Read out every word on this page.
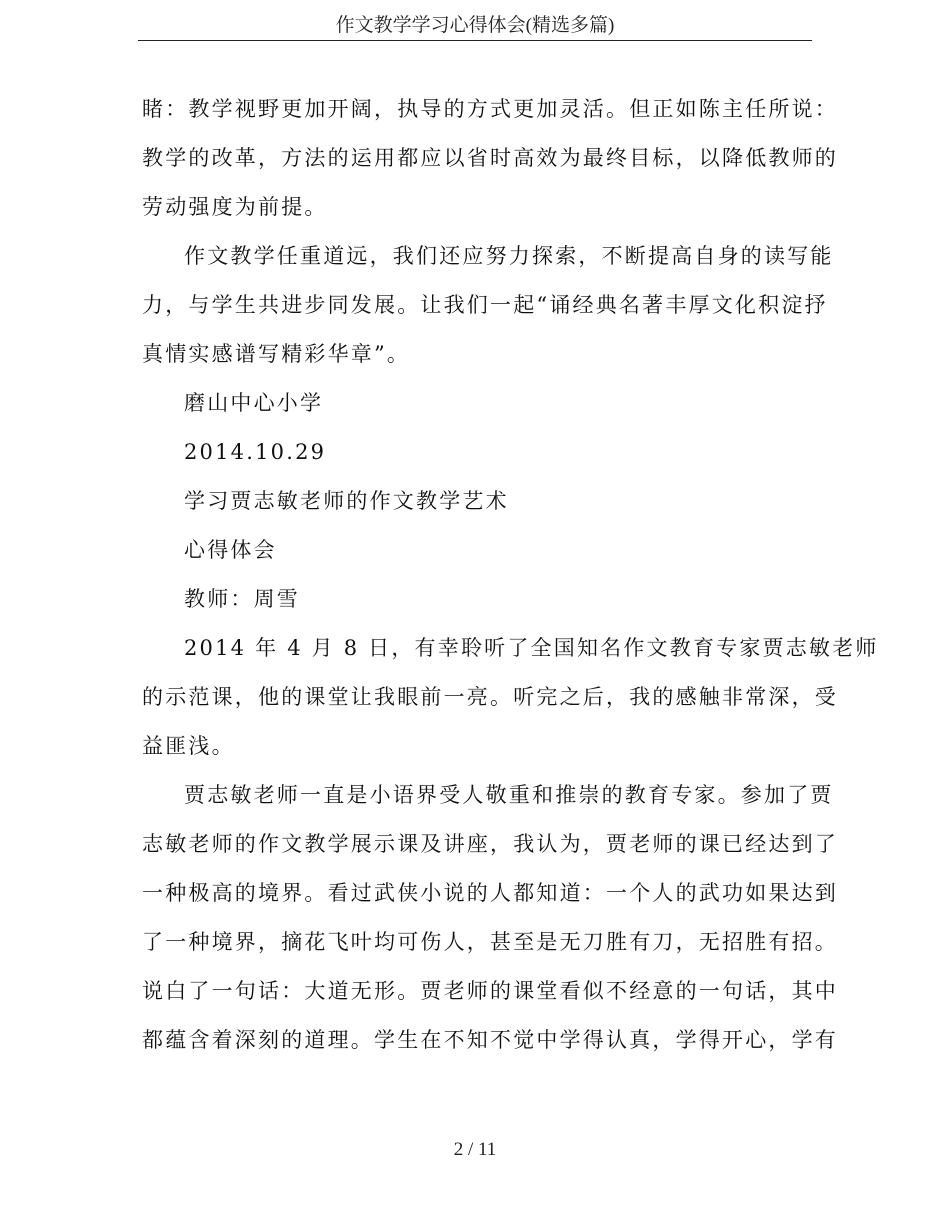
作文教学学习心得体会(精选多篇)
睹：教学视野更加开阔，执导的方式更加灵活。但正如陈主任所说：
教学的改革，方法的运用都应以省时高效为最终目标，以降低教师的
劳动强度为前提。
作文教学任重道远，我们还应努力探索，不断提高自身的读写能
力，与学生共进步同发展。让我们一起“诵经典名著丰厚文化积淀抒
真情实感谱写精彩华章”。
磨山中心小学
2014.10.29
学习贾志敏老师的作文教学艺术
心得体会
教师：周雪
2014 年 4 月 8 日，有幸聆听了全国知名作文教育专家贾志敏老师
的示范课，他的课堂让我眼前一亮。听完之后，我的感触非常深，受
益匪浅。
贾志敏老师一直是小语界受人敬重和推崇的教育专家。参加了贾
志敏老师的作文教学展示课及讲座，我认为，贾老师的课已经达到了
一种极高的境界。看过武侠小说的人都知道：一个人的武功如果达到
了一种境界，摘花飞叶均可伤人，甚至是无刀胜有刀，无招胜有招。
说白了一句话：大道无形。贾老师的课堂看似不经意的一句话，其中
都蕴含着深刻的道理。学生在不知不觉中学得认真，学得开心，学有
2 / 11
